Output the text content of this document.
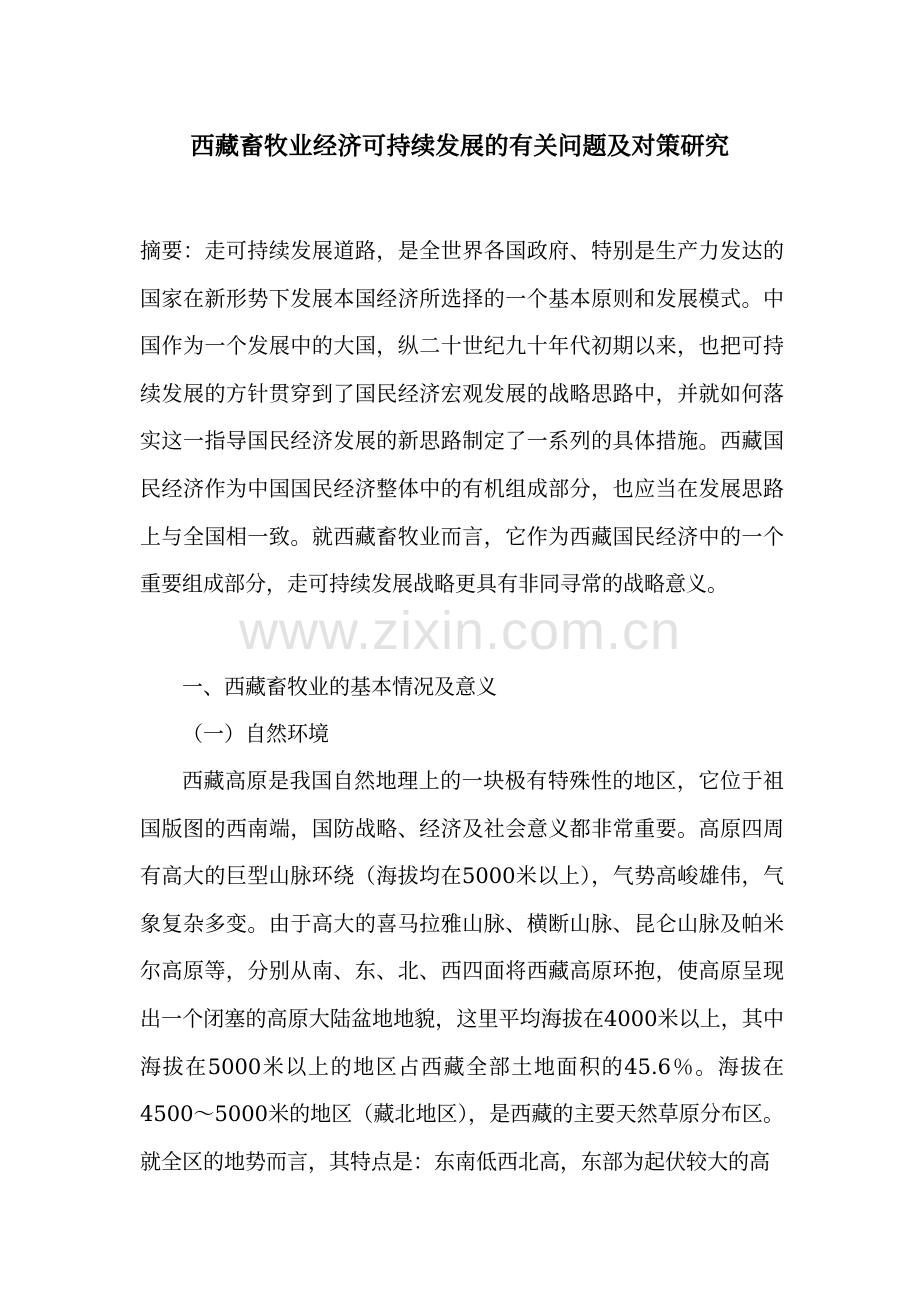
西藏畜牧业经济可持续发展的有关问题及对策研究

摘要：走可持续发展道路，是全世界各国政府、特别是生产力发达的国家在新形势下发展本国经济所选择的一个基本原则和发展模式。中国作为一个发展中的大国，纵二十世纪九十年代初期以来，也把可持续发展的方针贯穿到了国民经济宏观发展的战略思路中，并就如何落实这一指导国民经济发展的新思路制定了一系列的具体措施。西藏国民经济作为中国国民经济整体中的有机组成部分，也应当在发展思路上与全国相一致。就西藏畜牧业而言，它作为西藏国民经济中的一个重要组成部分，走可持续发展战略更具有非同寻常的战略意义。

www.zixin.com.cn

一、西藏畜牧业的基本情况及意义

（一）自然环境

西藏高原是我国自然地理上的一块极有特殊性的地区，它位于祖国版图的西南端，国防战略、经济及社会意义都非常重要。高原四周有高大的巨型山脉环绕（海拔均在5000米以上），气势高峻雄伟，气象复杂多变。由于高大的喜马拉雅山脉、横断山脉、昆仑山脉及帕米尔高原等，分别从南、东、北、西四面将西藏高原环抱，使高原呈现出一个闭塞的高原大陆盆地地貌，这里平均海拔在4000米以上，其中海拔在5000米以上的地区占西藏全部土地面积的45.6％。海拔在4500～5000米的地区（藏北地区），是西藏的主要天然草原分布区。就全区的地势而言，其特点是：东南低西北高，东部为起伏较大的高
